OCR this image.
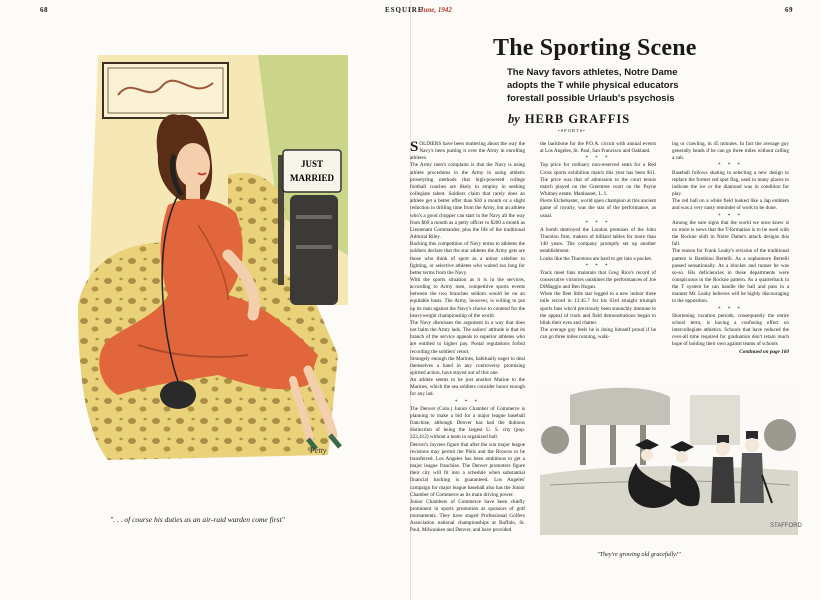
68	ESQUIRE
June, 1942	69
JUST
MARRIED
Petty
". . . of course his duties as an air-raid warden come first"
The Sporting Scene
The Navy favors athletes, Notre Dame adopts the T while physical educators forestall possible Urlaub's psychosis
by HERB GRAFFIS
•SPORTS•

SOLDIERS have been muttering about the way the Navy's been putting it over the Army in enrolling athletes.

The Army men's complaint is that the Navy is using athlete procedures in the Army in using athletic proselyting methods that high-powered college football coaches are likely to employ in seeking collegiate talent. Soldiers claim that rarely does an athlete get a better offer than $30 a month or a slight reduction in drilling time from the Army, but an athlete who's a good chopper can start in the Navy all the way from $60 a month as a petty officer to $200 a month as Lieutenant Commander, plus the life of the traditional Admiral Riley.

Backing this competition of Navy terms to athletes the soldiers declare that the star athletes the Army gets are those who think of sport as a minor sideline to fighting, or selective athletes who waited too long for better terms from the Navy.

With the sports situation as it is in the services, according to Army men, competitive sports events between the two branches seldom would be on an equitable basis. The Army, however, is willing to put up its man against the Navy's choice to contend for the heavyweight championship of the world.

The Navy dismisses the argument in a way that does not balm the Army lads. The sailors' attitude is that its branch of the service appeals to superior athletes who are entitled to higher pay. Postal regulations forbid recording the soldiers' retort.

Strangely enough the Marines, habitually eager to deal themselves a hand in any controversy promising spirited action, have stayed out of this one.

An athlete seems to be just another Marine to the Marines, which the sea soldiers consider honor enough for any lad.

* * *

The Denver (Colo.) Junior Chamber of Commerce is planning to make a bid for a major league baseball franchise, although Denver has had the dubious distinction of being the largest U. S. city (pop. 322,412) without a team in organized ball.

Denver's Jaycees figure that after the war major league revisions may permit the Phils and the Browns to be transferred. Los Angeles has been ambitious to get a major league franchise. The Denver promoters figure their city will fit into a schedule when substantial financial backing is guaranteed. Los Angeles' campaign for major league baseball also has the Junior Chamber of Commerce as its main driving power.

Junior Chambers of Commerce have been chiefly prominent in sports promotion as sponsors of golf tournaments. They have staged Professional Golfers Association national championships at Buffalo, St. Paul, Milwaukee and Denver, and have provided

the backbone for the P.O.A. circuit with annual events at Los Angeles, St. Paul, San Francisco and Oakland.

* * *

Top price for ordinary non-reserved seats for a Red Cross sports exhibition match this year has been $11. The price was that of admission to the court tennis match played on the Greentree court on the Payne Whitney estate, Manhasset, L. I.

Pierre Etchebaster, world open champion at this ancient game of royalty, was the star of the performance, as usual.

* * *

A bomb destroyed the London premises of the John Thurston firm, makers of billiard tables for more than 140 years. The company promptly set up another establishment.

Looks like the Thurstons are hard to get into a pocket.

* * *

Track meet fans maintain that Greg Rice's record of consecutive victories outshines the performances of Joe DiMaggio and Ben Hogan.

When the fleet little star legged to a new indoor three mile record in 13:45.7 for his 63rd straight triumph sports fans who'd previously been staunchly immune to the appeal of track and field demonstrations began to blink their eyes and chatter.

The average guy feels he is doing himself proud if he can go three miles running, walk-

ing or crawling, in 45 minutes. In fact the average guy generally heads if he can go three miles without calling a cab.

* * *

Baseball follows skating in selecting a new design to replace the former red spot flag, used in many places to indicate the ice or the diamond was in condition for play.

The red ball on a white field looked like a Jap emblem and was a very nasty reminder of work to be done.

* * *

Among the sure signs that the world we once knew is no more is news that the T-formation is to be used with the Rockne shift in Notre Dame's attack designs this fall.

The reason for Frank Leahy's revision of the traditional pattern is Bambino Bertelli. As a sophomore Bertelli passed sensationally. As a blocker and runner he was so-so. His deficiencies in these departments were conspicuous in the Rockne pattern. As a quarterback in the T system he can handle the ball and pass in a manner Mr. Leahy believes will be highly discouraging to the opposition.

* * *

Shortening vacation periods, consequently the entire school term, is having a confusing effect on intercollegiate athletics. Schools that have reduced the over-all time required for graduation don't retain much hope of holding their own against teams of schools

Continued on page 160

STAFFORD
"They're growing old gracefully!"
